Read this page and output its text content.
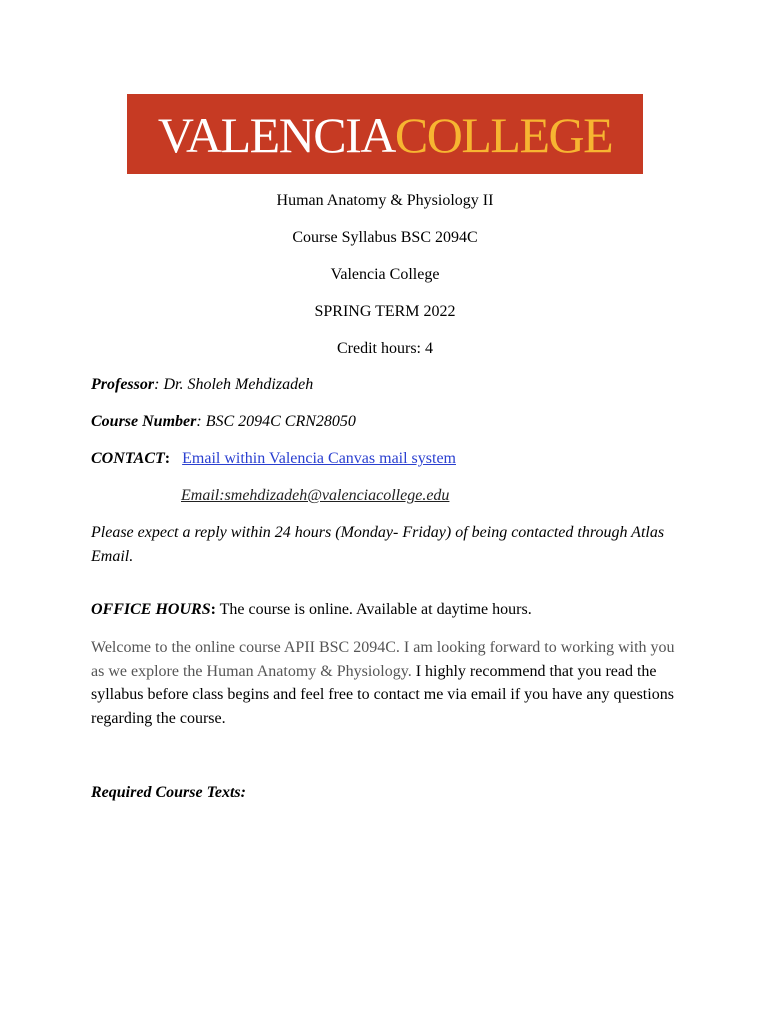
VALENCIA COLLEGE
Human Anatomy & Physiology II
Course Syllabus BSC 2094C
Valencia College
SPRING TERM 2022
Credit hours: 4
Professor: Dr. Sholeh Mehdizadeh
Course Number: BSC 2094C CRN28050
CONTACT: Email within Valencia Canvas mail system
Email:smehdizadeh@valenciacollege.edu
Please expect a reply within 24 hours (Monday- Friday) of being contacted through Atlas Email.
OFFICE HOURS: The course is online. Available at daytime hours.
Welcome to the online course APII BSC 2094C. I am looking forward to working with you as we explore the Human Anatomy & Physiology. I highly recommend that you read the syllabus before class begins and feel free to contact me via email if you have any questions regarding the course.
Required Course Texts:
